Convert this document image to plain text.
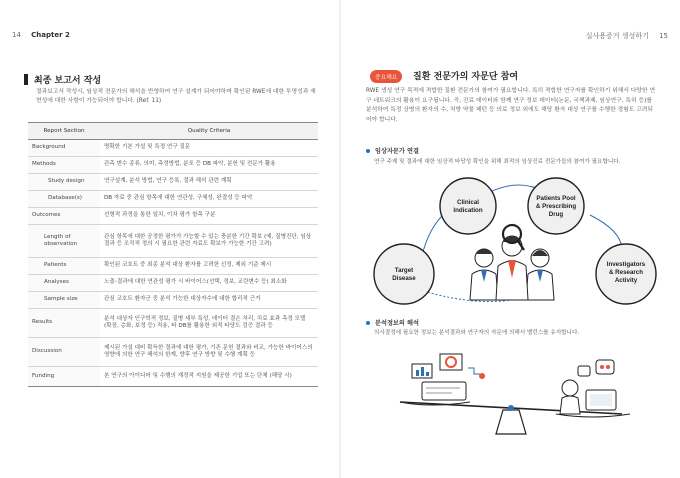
14 Chapter 2	실사용증거 생성하기 15
최종 보고서 작성
결과보고서 작성시, 임상적 전문가의 해석을 반영하여 연구 설계가 되어야하며 확인된 RWE에 대한 투명성과 재현성에 대한 사항이 가능되어야 합니다. (Ref. 11)
Report Section	Quality Criteria
Background	명확한 기본 가설 및 특정 연구 질문
Methods	관측 변수 종류, 의미, 측정방법, 분포 등 DB 파악, 분헌 및 전문가 활용
Study design	연구설계, 분석 방법, 연구 등록, 결과 해석 관련 계획
Database(s)	DB 자료 중 관심 항목에 대한 연관성, 구체성, 완결성 등 파악
Outcomes	선형적 과정을 통한 일치, 이차 평가 항목 구분
Length of observation	관심 항목에 대한 공정한 평가가 가능할 수 있는 충분한 기간 확보 (예, 질병진단, 임상결과 등 조작적 정의 시 필요한 관련 자료도 확보가 가능한 기간 고려)
Patients	확인된 코호트 중 최종 분석 대상 환자를 고려한 선정, 제외 기준 제시
Analyses	노출-결과에 대한 연관성 평가 시 바이어스(선택, 정보, 교란변수 등) 최소화
Sample size	관심 코호트 환자군 중 분석 가능한 대상자수에 대한 합리적 근거
Results	분석 대상자 인구학적 정보, 질병 세부 특성, 데이터 결손 처리, 치료 효과 측정 모델 (확장, 층화, 보정 등) 적용, 타 DB를 활용한 외적 타당도 검증 결과 등
Discussion	제시된 가설 대비 확득한 결과에 대한 평가, 기존 문헌 결과와 비교, 가능한 바이어스의 영향에 의한 연구 해석의 한계, 향후 연구 방향 및 수행 계획 등
Funding	본 연구의 아이디어 및 수행의 재정적 지원을 제공한 기업 또는 단체 (해당 시)
중요해요	질환 전문가의 자문단 참여
RWE 생성 연구 목적에 적합한 질환 전문가의 참여가 필요합니다. 특히 적합한 연구자를 확인하기 위해서 다양한 연구 네트워크의 활용이 요구됩니다. 즉, 진료 데이터와 함께 연구 정보 데이터(논문, 국책과제, 임상연구, 특허 등)를 분석하여 특정 상병의 환자의 수, 처방 약물 패턴 등 의료 정보 외에도 해당 환자 대상 연구를 수행한 경험도 고려되어야 합니다.
임상자문가 연결
연구 주제 및 결과에 대한 임상적 타당성 확인을 위해 최적의 임상진료 전문가들의 참여가 필요합니다.
Clinical Indication
Patients Pool & Prescribing Drug
Target Disease
Investigators & Research Activity
분석정보의 해석
의사결정에 필요한 정보는 분석결과와 연구자의 자문에 의해서 밸런스를 유지합니다.
